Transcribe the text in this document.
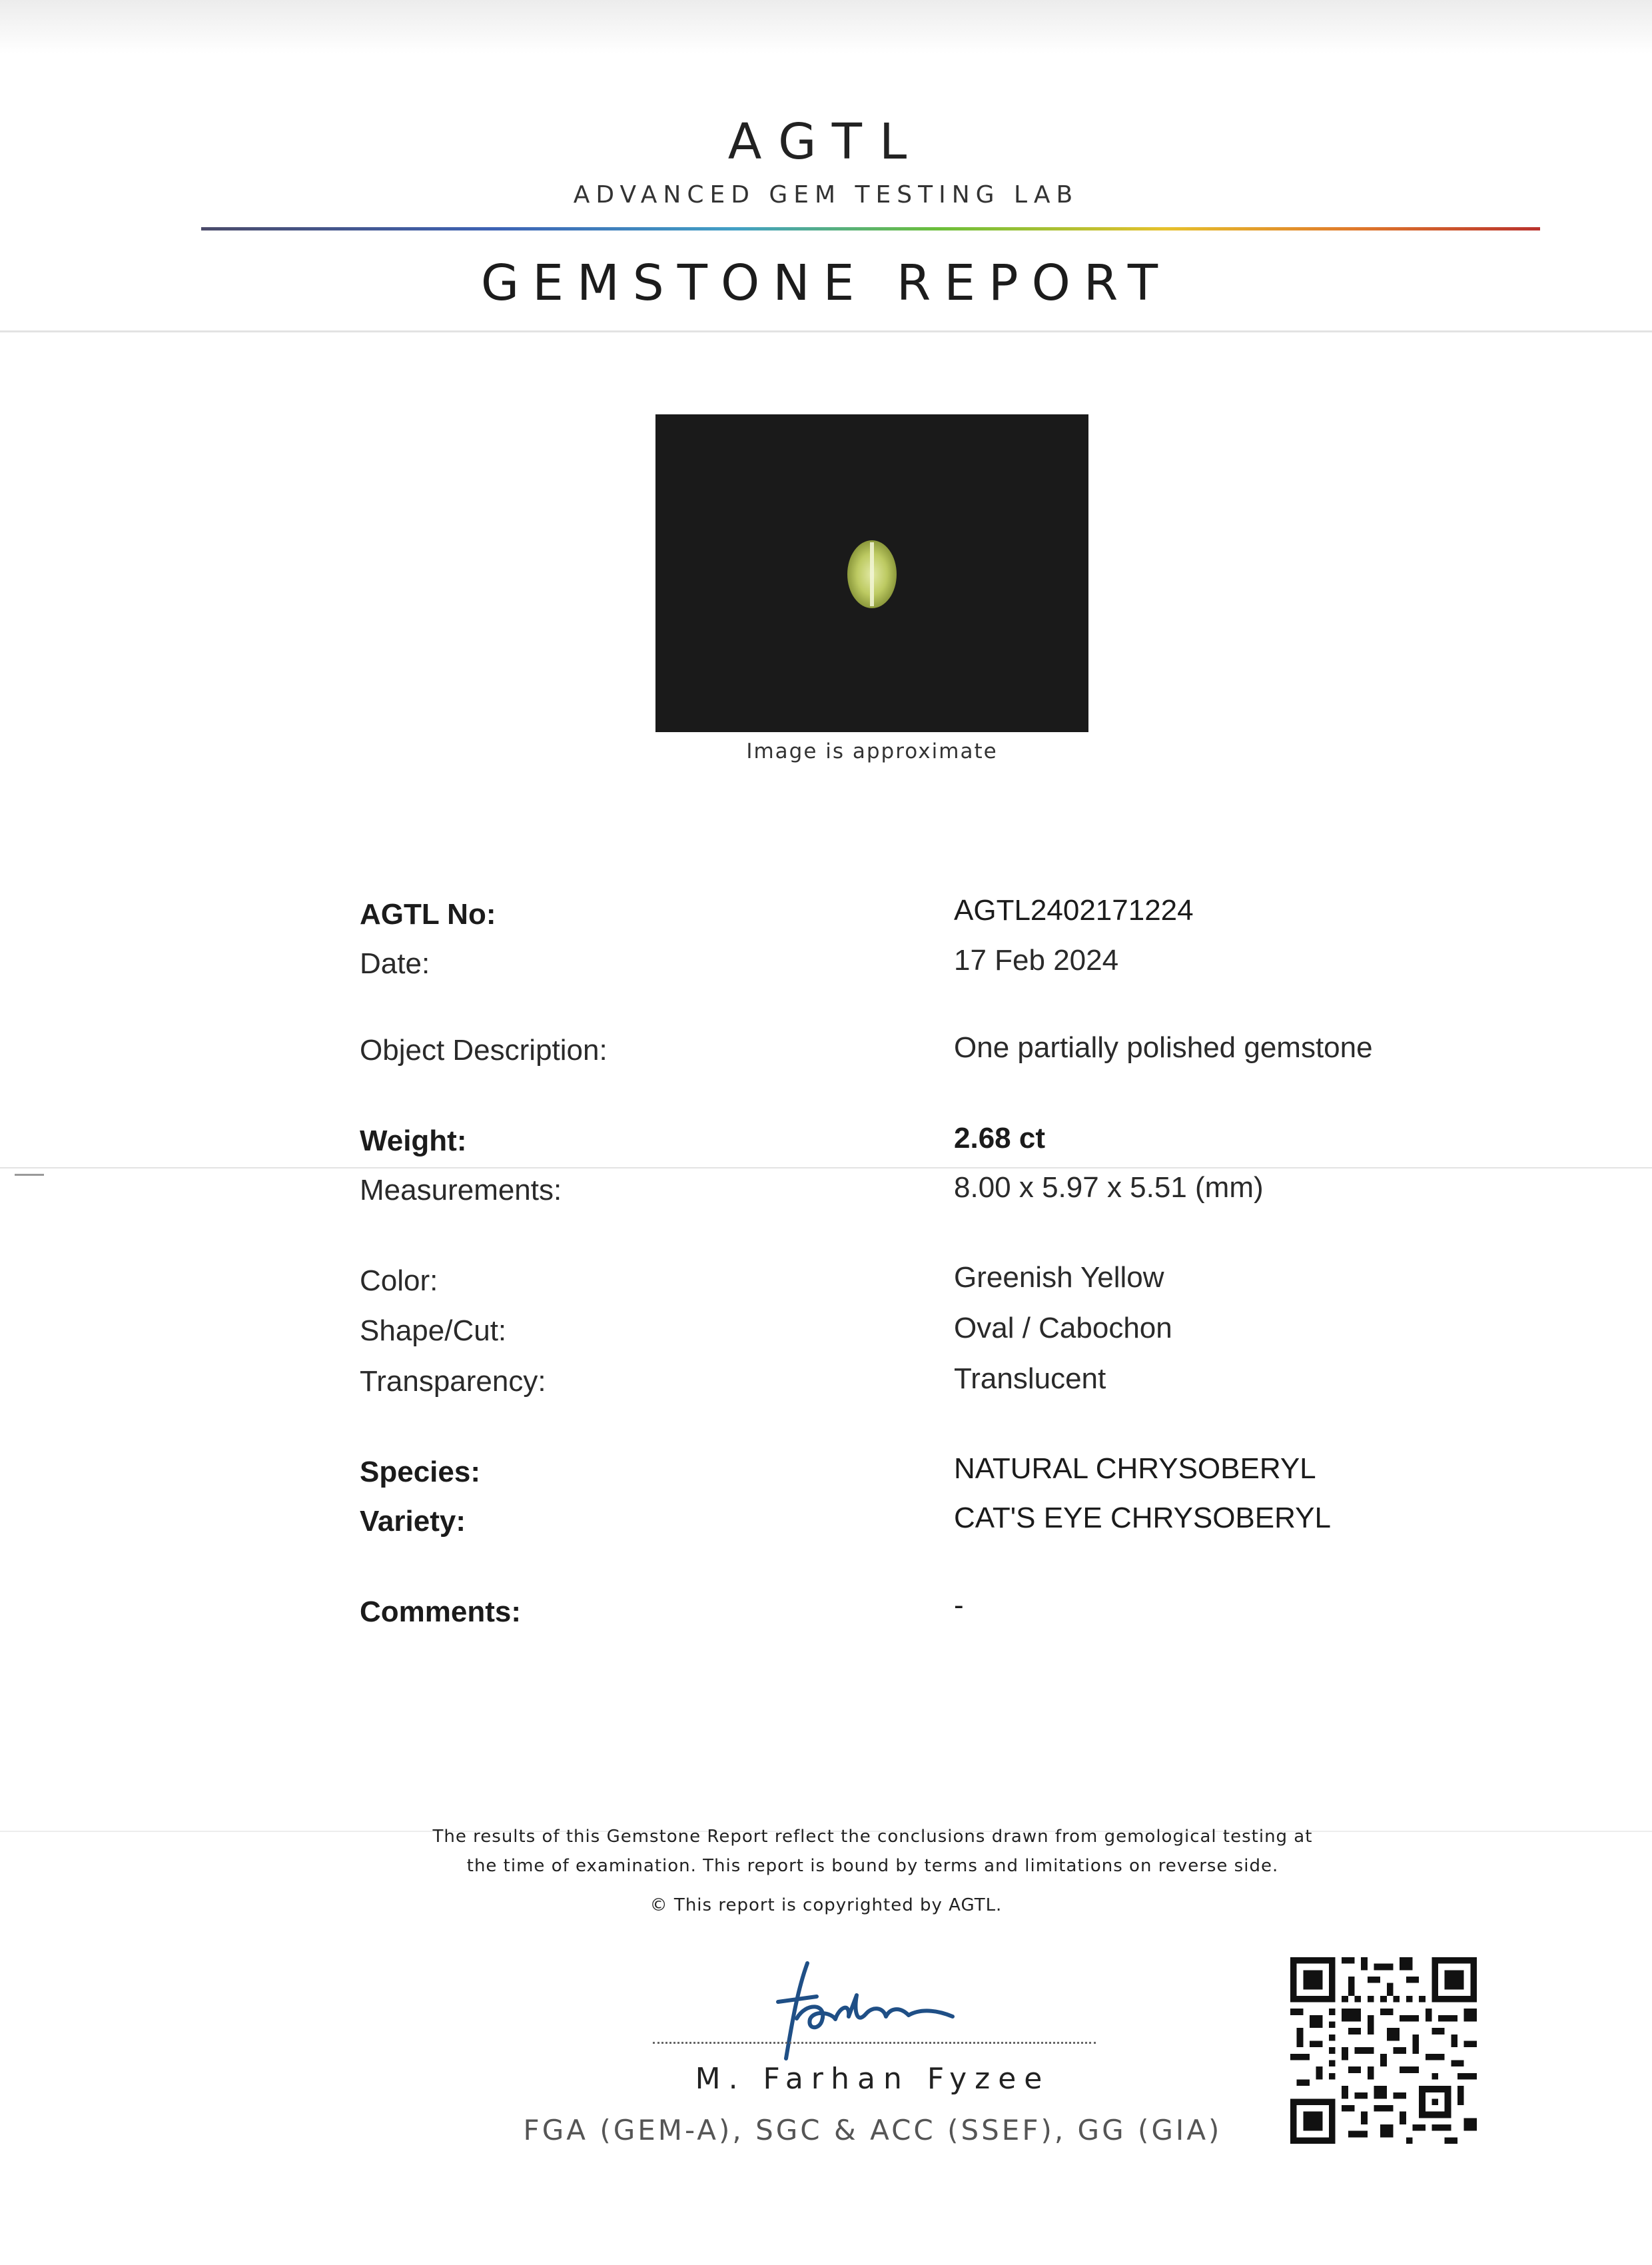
AGTL
ADVANCED GEM TESTING LAB
GEMSTONE REPORT
Image is approximate
AGTL No:	AGTL2402171224
Date:	17 Feb 2024
Object Description:	One partially polished gemstone
Weight:	2.68 ct
Measurements:	8.00 x 5.97 x 5.51 (mm)
Color:	Greenish Yellow
Shape/Cut:	Oval / Cabochon
Transparency:	Translucent
Species:	NATURAL CHRYSOBERYL
Variety:	CAT'S EYE CHRYSOBERYL
Comments:	-
The results of this Gemstone Report reflect the conclusions drawn from gemological testing at
the time of examination. This report is bound by terms and limitations on reverse side.
© This report is copyrighted by AGTL.
M. Farhan Fyzee
FGA (GEM-A), SGC & ACC (SSEF), GG (GIA)
